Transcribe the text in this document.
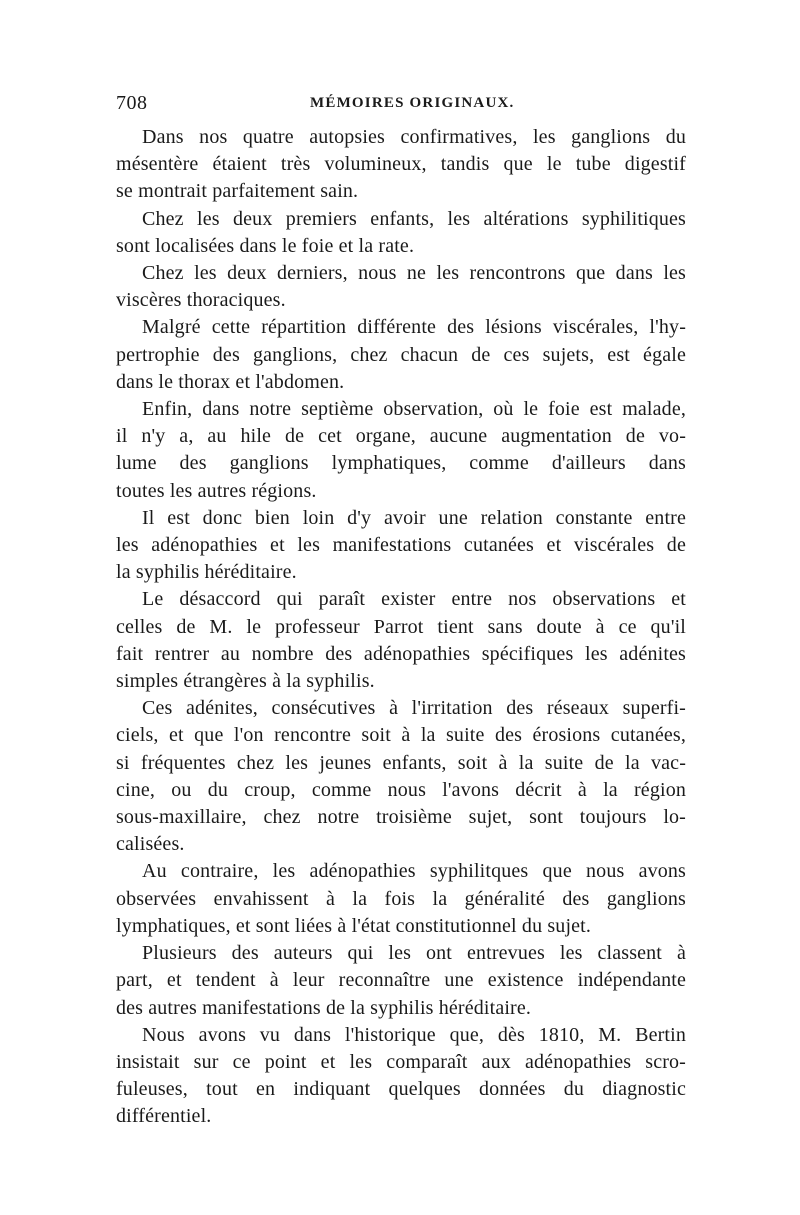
708	MÉMOIRES ORIGINAUX.

Dans nos quatre autopsies confirmatives, les ganglions du
mésentère étaient très volumineux, tandis que le tube digestif
se montrait parfaitement sain.

Chez les deux premiers enfants, les altérations syphilitiques
sont localisées dans le foie et la rate.

Chez les deux derniers, nous ne les rencontrons que dans les
viscères thoraciques.

Malgré cette répartition différente des lésions viscérales, l'hy-
pertrophie des ganglions, chez chacun de ces sujets, est égale
dans le thorax et l'abdomen.

Enfin, dans notre septième observation, où le foie est malade,
il n'y a, au hile de cet organe, aucune augmentation de vo-
lume des ganglions lymphatiques, comme d'ailleurs dans
toutes les autres régions.

Il est donc bien loin d'y avoir une relation constante entre
les adénopathies et les manifestations cutanées et viscérales de
la syphilis héréditaire.

Le désaccord qui paraît exister entre nos observations et
celles de M. le professeur Parrot tient sans doute à ce qu'il
fait rentrer au nombre des adénopathies spécifiques les adénites
simples étrangères à la syphilis.

Ces adénites, consécutives à l'irritation des réseaux superfi-
ciels, et que l'on rencontre soit à la suite des érosions cutanées,
si fréquentes chez les jeunes enfants, soit à la suite de la vac-
cine, ou du croup, comme nous l'avons décrit à la région
sous-maxillaire, chez notre troisième sujet, sont toujours lo-
calisées.

Au contraire, les adénopathies syphilitques que nous avons
observées envahissent à la fois la généralité des ganglions
lymphatiques, et sont liées à l'état constitutionnel du sujet.

Plusieurs des auteurs qui les ont entrevues les classent à
part, et tendent à leur reconnaître une existence indépendante
des autres manifestations de la syphilis héréditaire.

Nous avons vu dans l'historique que, dès 1810, M. Bertin
insistait sur ce point et les comparaît aux adénopathies scro-
fuleuses, tout en indiquant quelques données du diagnostic
différentiel.
